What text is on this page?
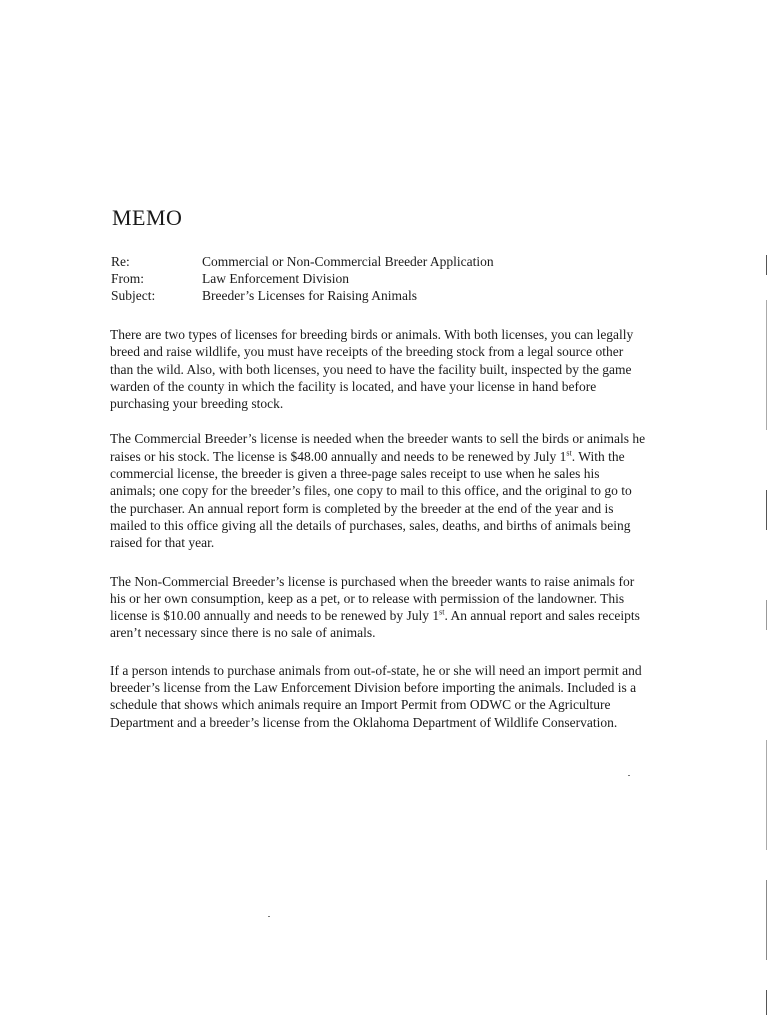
MEMO
Re:	Commercial or Non-Commercial Breeder Application
From:	Law Enforcement Division
Subject:	Breeder’s Licenses for Raising Animals

There are two types of licenses for breeding birds or animals. With both licenses, you can legally breed and raise wildlife, you must have receipts of the breeding stock from a legal source other than the wild. Also, with both licenses, you need to have the facility built, inspected by the game warden of the county in which the facility is located, and have your license in hand before purchasing your breeding stock.

The Commercial Breeder’s license is needed when the breeder wants to sell the birds or animals he raises or his stock. The license is $48.00 annually and needs to be renewed by July 1st. With the commercial license, the breeder is given a three-page sales receipt to use when he sales his animals; one copy for the breeder’s files, one copy to mail to this office, and the original to go to the purchaser. An annual report form is completed by the breeder at the end of the year and is mailed to this office giving all the details of purchases, sales, deaths, and births of animals being raised for that year.

The Non-Commercial Breeder’s license is purchased when the breeder wants to raise animals for his or her own consumption, keep as a pet, or to release with permission of the landowner. This license is $10.00 annually and needs to be renewed by July 1st. An annual report and sales receipts aren’t necessary since there is no sale of animals.

If a person intends to purchase animals from out-of-state, he or she will need an import permit and breeder’s license from the Law Enforcement Division before importing the animals. Included is a schedule that shows which animals require an Import Permit from ODWC or the Agriculture Department and a breeder’s license from the Oklahoma Department of Wildlife Conservation.
